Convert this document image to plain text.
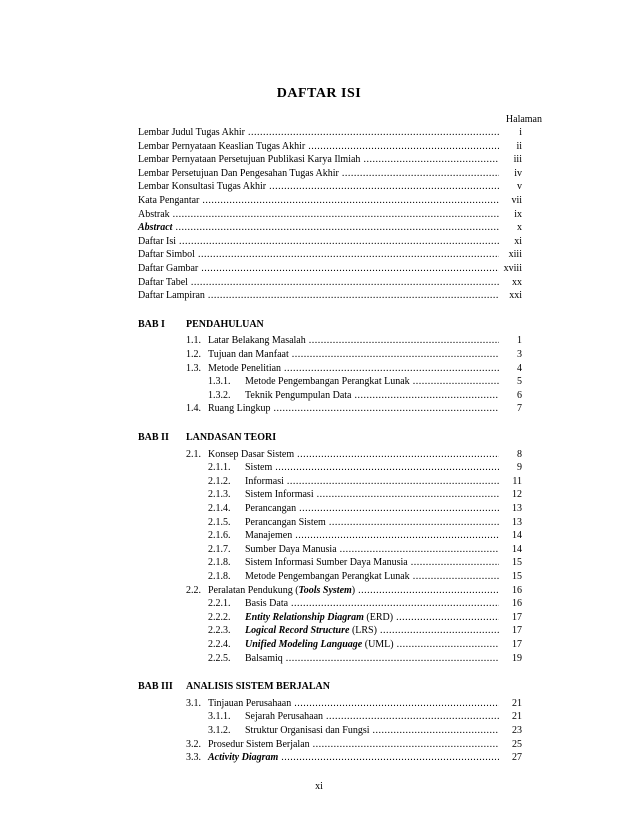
DAFTAR ISI
Halaman
Lembar Judul Tugas Akhir .....	i
Lembar Pernyataan Keaslian Tugas Akhir .....	ii
Lembar Pernyataan Persetujuan Publikasi Karya Ilmiah .....	iii
Lembar Persetujuan Dan Pengesahan Tugas Akhir .....	iv
Lembar Konsultasi Tugas Akhir .....	v
Kata Pengantar .....	vii
Abstrak .....	ix
Abstract .....	x
Daftar Isi .....	xi
Daftar Simbol .....	xiii
Daftar Gambar .....	xviii
Daftar Tabel .....	xx
Daftar Lampiran .....	xxi
BAB I PENDAHULUAN
1.1. Latar Belakang Masalah .....	1
1.2. Tujuan dan Manfaat .....	3
1.3. Metode Penelitian .....	4
1.3.1.	Metode Pengembangan Perangkat Lunak .....	5
1.3.2.	Teknik Pengumpulan Data .....	6
1.4. Ruang Lingkup .....	7
BAB II LANDASAN TEORI
2.1. Konsep Dasar Sistem .....	8
2.1.1.	Sistem .....	9
2.1.2.	Informasi .....	11
2.1.3.	Sistem Informasi .....	12
2.1.4.	Perancangan .....	13
2.1.5.	Perancangan Sistem .....	13
2.1.6.	Manajemen .....	14
2.1.7.	Sumber Daya Manusia .....	14
2.1.8.	Sistem Informasi Sumber Daya Manusia .....	15
2.1.8.	Metode Pengembangan Perangkat Lunak .....	15
2.2. Peralatan Pendukung (Tools System) .....	16
2.2.1.	Basis Data .....	16
2.2.2.	Entity Relationship Diagram (ERD) .....	17
2.2.3.	Logical Record Structure (LRS) .....	17
2.2.4.	Unified Modeling Language (UML) .....	17
2.2.5.	Balsamiq .....	19
BAB III ANALISIS SISTEM BERJALAN
3.1. Tinjauan Perusahaan .....	21
3.1.1.	Sejarah Perusahaan .....	21
3.1.2.	Struktur Organisasi dan Fungsi .....	23
3.2. Prosedur Sistem Berjalan .....	25
3.3. Activity Diagram .....	27
xi
